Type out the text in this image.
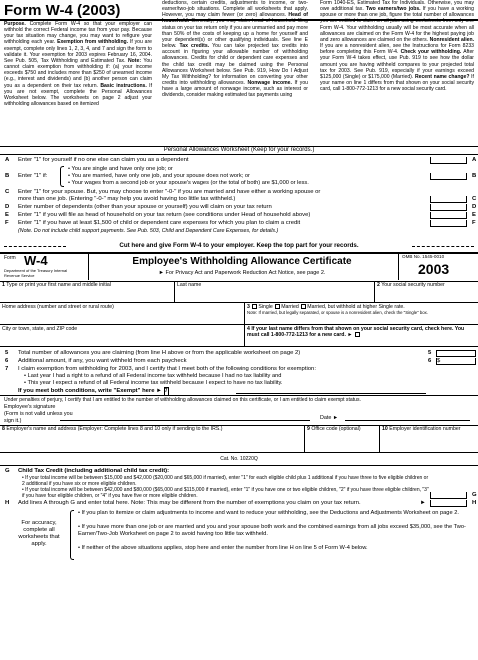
Form W-4 (2003)
Purpose. Complete Form W-4 so that your employer can withhold the correct Federal income tax from your pay. Because your tax situation may change, you may want to refigure your withholding each year. Exemption from withholding. If you are exempt, complete only lines 1, 2, 3, 4, and 7 and sign the form to validate it. Your exemption for 2003 expires February 16, 2004. See Pub. 505, Tax Withholding and Estimated Tax. Note: You cannot claim exemption from withholding if: (a) your income exceeds $750 and includes more than $250 of unearned income (e.g., interest and dividends) and (b) another person can claim you as a dependent on their tax return. Basic instructions. If you are not exempt, complete the Personal Allowances Worksheet below. The worksheets on page 2 adjust your withholding allowances based on itemized
deductions, certain credits, adjustments to income, or two-earner/two-job situations. Complete all worksheets that apply. However, you may claim fewer (or zero) allowances. Head of household. Generally, you may claim head of household filing status on your tax return only if you are unmarried and pay more than 50% of the costs of keeping up a home for yourself and your dependent(s) or other qualifying individuals. See line E below. Tax credits. You can take projected tax credits into account in figuring your allowable number of withholding allowances. Credits for child or dependent care expenses and the child tax credit may be claimed using the Personal Allowances Worksheet below. See Pub. 919, How Do I Adjust My Tax Withholding? for information on converting your other credits into withholding allowances. Nonwage income. If you have a large amount of nonwage income, such as interest or dividends, consider making estimated tax payments using
Form 1040-ES, Estimated Tax for Individuals. Otherwise, you may owe additional tax. Two earners/two jobs. If you have a working spouse or more than one job, figure the total number of allowances you are entitled to claim on all jobs using worksheets from only one Form W-4. Your withholding usually will be most accurate when all allowances are claimed on the Form W-4 for the highest paying job and zero allowances are claimed on the others. Nonresident alien. If you are a nonresident alien, see the Instructions for Form 8233 before completing this Form W-4. Check your withholding. After your Form W-4 takes effect, use Pub. 919 to see how the dollar amount you are having withheld compares to your projected total tax for 2003. See Pub. 919, especially if your earnings exceed $125,000 (Single) or $175,000 (Married). Recent name change? If your name on line 1 differs from that shown on your social security card, call 1-800-772-1213 for a new social security card.
Personal Allowances Worksheet (Keep for your records.)
A Enter "1" for yourself if no one else can claim you as a dependent	A
B Enter "1" if:
• You are single and have only one job; or
• You are married, have only one job, and your spouse does not work; or
• Your wages from a second job or your spouse's wages (or the total of both) are $1,000 or less.
B
C Enter "1" for your spouse. But, you may choose to enter "-0-" if you are married and have either a working spouse or
more than one job. (Entering "-0-" may help you avoid having too little tax withheld.)	C
D Enter number of dependents (other than your spouse or yourself) you will claim on your tax return	D
E Enter "1" if you will file as head of household on your tax return (see conditions under Head of household above)	E
F Enter "1" if you have at least $1,500 of child or dependent care expenses for which you plan to claim a credit	F
(Note. Do not include child support payments. See Pub. 503, Child and Dependent Care Expenses, for details.)
Cut here and give Form W-4 to your employer. Keep the top part for your records.
Form W-4
Department of the Treasury Internal Revenue Service
Employee's Withholding Allowance Certificate
► For Privacy Act and Paperwork Reduction Act Notice, see page 2.
OMB No. 1545-0010
2003
1 Type or print your first name and middle initial	Last name	2 Your social security number
Home address (number and street or rural route)	3 Single Married Married, but withhold at higher Single rate.
Note: If married, but legally separated, or spouse is a nonresident alien, check the "Single" box.
City or town, state, and ZIP code	4 If your last name differs from that shown on your social security card, check here. You must call 1-800-772-1213 for a new card. ►
5 Total number of allowances you are claiming (from line H above or from the applicable worksheet on page 2)	5
6 Additional amount, if any, you want withheld from each paycheck	6 $
7 I claim exemption from withholding for 2003, and I certify that I meet both of the following conditions for exemption:
• Last year I had a right to a refund of all Federal income tax withheld because I had no tax liability and
• This year I expect a refund of all Federal income tax withheld because I expect to have no tax liability.
If you meet both conditions, write "Exempt" here ► 7
Under penalties of perjury, I certify that I am entitled to the number of withholding allowances claimed on this certificate, or I am entitled to claim exempt status.
Employee's signature
(Form is not valid unless you sign it.)	Date ►
8 Employer's name and address (Employer: Complete lines 8 and 10 only if sending to the IRS.)	9 Office code (optional)	10 Employer identification number
Cat. No. 10220Q
G Child Tax Credit (including additional child tax credit):
• If your total income will be between $15,000 and $42,000 ($20,000 and $65,000 if married), enter "1" for each eligible child plus 1 additional if you have three to five eligible children or 2 additional if you have six or more eligible children.
• If your total income will be between $42,000 and $80,000 ($65,000 and $115,000 if married), enter "1" if you have one or two eligible children, "2" if you have three eligible children, "3" if you have four eligible children, or "4" if you have five or more eligible children.	G
H Add lines A through G and enter total here. Note: This may be different from the number of exemptions you claim on your tax return.	►	H
For accuracy, complete all worksheets that apply.
• If you plan to itemize or claim adjustments to income and want to reduce your withholding, see the Deductions and Adjustments Worksheet on page 2.
• If you have more than one job or are married and you and your spouse both work and the combined earnings from all jobs exceed $35,000, see the Two-Earner/Two-Job Worksheet on page 2 to avoid having too little tax withheld.
• If neither of the above situations applies, stop here and enter the number from line H on line 5 of Form W-4 below.
